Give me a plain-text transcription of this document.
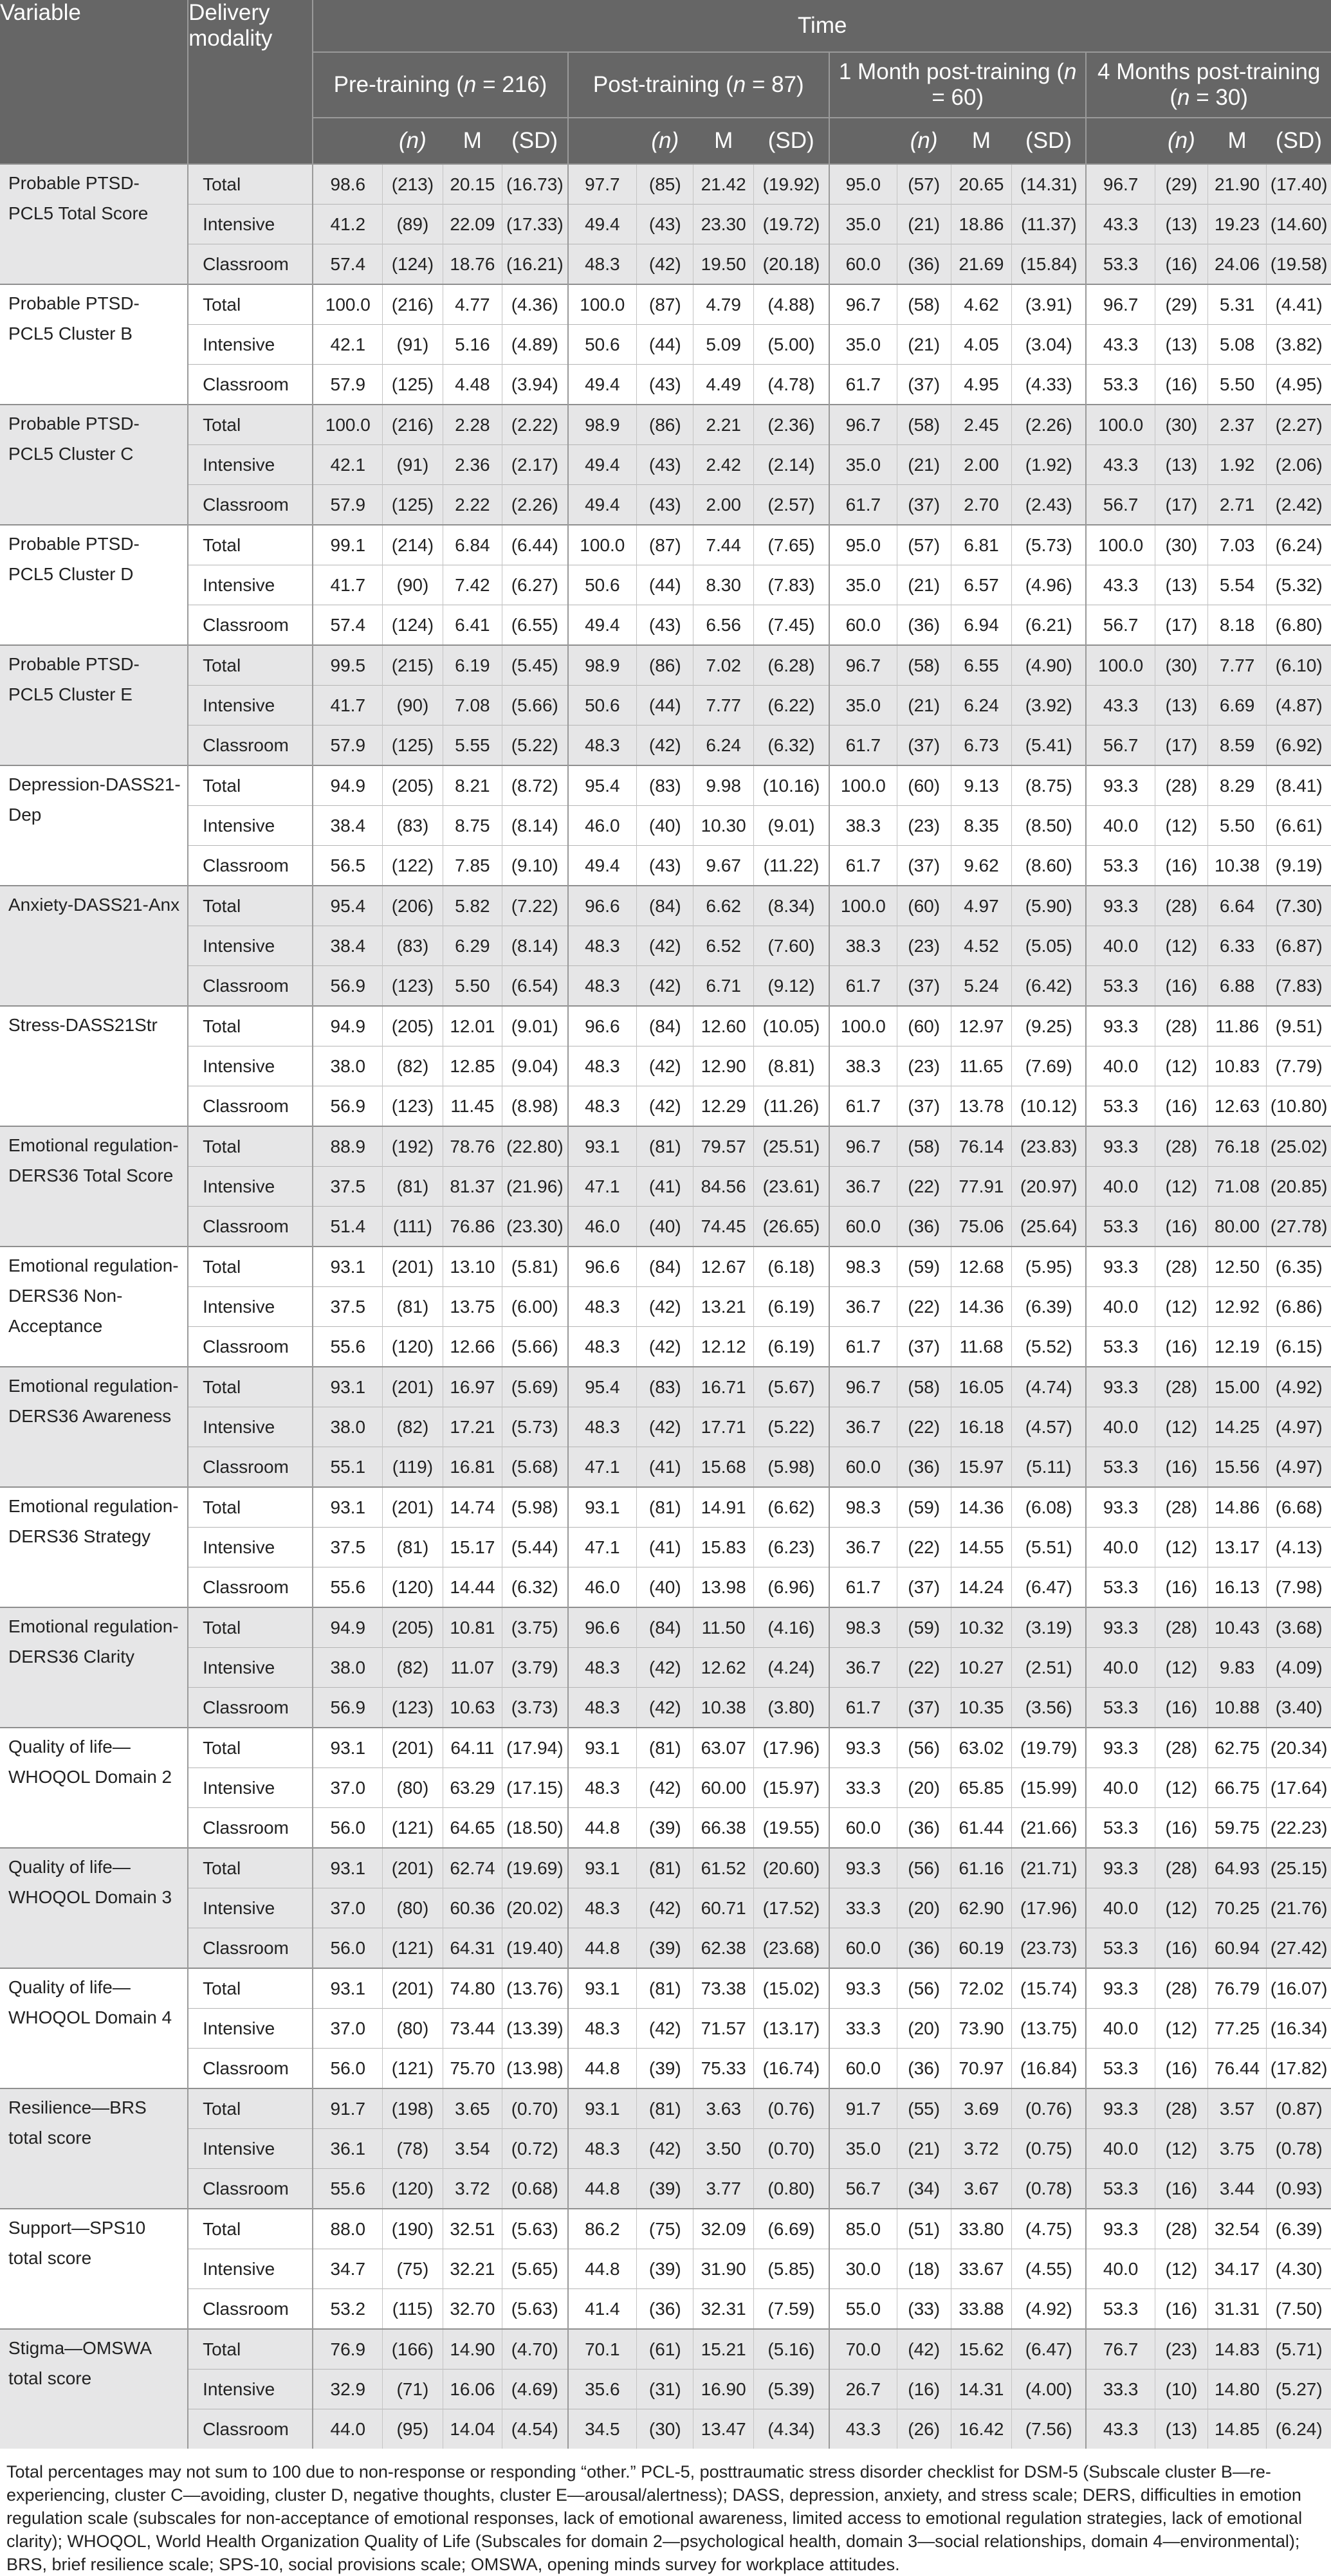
Variable	Delivery modality	Time															
		Pre-training (n = 216)				Post-training (n = 87)				1 Month post-training (n = 60)				4 Months post-training (n = 30)			
			(n)	M	(SD)		(n)	M	(SD)		(n)	M	(SD)		(n)	M	(SD)
Probable PTSD-PCL5 Total Score	Total	98.6	(213)	20.15	(16.73)	97.7	(85)	21.42	(19.92)	95.0	(57)	20.65	(14.31)	96.7	(29)	21.90	(17.40)
	Intensive	41.2	(89)	22.09	(17.33)	49.4	(43)	23.30	(19.72)	35.0	(21)	18.86	(11.37)	43.3	(13)	19.23	(14.60)
	Classroom	57.4	(124)	18.76	(16.21)	48.3	(42)	19.50	(20.18)	60.0	(36)	21.69	(15.84)	53.3	(16)	24.06	(19.58)
Probable PTSD-PCL5 Cluster B	Total	100.0	(216)	4.77	(4.36)	100.0	(87)	4.79	(4.88)	96.7	(58)	4.62	(3.91)	96.7	(29)	5.31	(4.41)
	Intensive	42.1	(91)	5.16	(4.89)	50.6	(44)	5.09	(5.00)	35.0	(21)	4.05	(3.04)	43.3	(13)	5.08	(3.82)
	Classroom	57.9	(125)	4.48	(3.94)	49.4	(43)	4.49	(4.78)	61.7	(37)	4.95	(4.33)	53.3	(16)	5.50	(4.95)
Probable PTSD-PCL5 Cluster C	Total	100.0	(216)	2.28	(2.22)	98.9	(86)	2.21	(2.36)	96.7	(58)	2.45	(2.26)	100.0	(30)	2.37	(2.27)
	Intensive	42.1	(91)	2.36	(2.17)	49.4	(43)	2.42	(2.14)	35.0	(21)	2.00	(1.92)	43.3	(13)	1.92	(2.06)
	Classroom	57.9	(125)	2.22	(2.26)	49.4	(43)	2.00	(2.57)	61.7	(37)	2.70	(2.43)	56.7	(17)	2.71	(2.42)
Probable PTSD-PCL5 Cluster D	Total	99.1	(214)	6.84	(6.44)	100.0	(87)	7.44	(7.65)	95.0	(57)	6.81	(5.73)	100.0	(30)	7.03	(6.24)
	Intensive	41.7	(90)	7.42	(6.27)	50.6	(44)	8.30	(7.83)	35.0	(21)	6.57	(4.96)	43.3	(13)	5.54	(5.32)
	Classroom	57.4	(124)	6.41	(6.55)	49.4	(43)	6.56	(7.45)	60.0	(36)	6.94	(6.21)	56.7	(17)	8.18	(6.80)
Probable PTSD-PCL5 Cluster E	Total	99.5	(215)	6.19	(5.45)	98.9	(86)	7.02	(6.28)	96.7	(58)	6.55	(4.90)	100.0	(30)	7.77	(6.10)
	Intensive	41.7	(90)	7.08	(5.66)	50.6	(44)	7.77	(6.22)	35.0	(21)	6.24	(3.92)	43.3	(13)	6.69	(4.87)
	Classroom	57.9	(125)	5.55	(5.22)	48.3	(42)	6.24	(6.32)	61.7	(37)	6.73	(5.41)	56.7	(17)	8.59	(6.92)
Depression-DASS21-Dep	Total	94.9	(205)	8.21	(8.72)	95.4	(83)	9.98	(10.16)	100.0	(60)	9.13	(8.75)	93.3	(28)	8.29	(8.41)
	Intensive	38.4	(83)	8.75	(8.14)	46.0	(40)	10.30	(9.01)	38.3	(23)	8.35	(8.50)	40.0	(12)	5.50	(6.61)
	Classroom	56.5	(122)	7.85	(9.10)	49.4	(43)	9.67	(11.22)	61.7	(37)	9.62	(8.60)	53.3	(16)	10.38	(9.19)
Anxiety-DASS21-Anx	Total	95.4	(206)	5.82	(7.22)	96.6	(84)	6.62	(8.34)	100.0	(60)	4.97	(5.90)	93.3	(28)	6.64	(7.30)
	Intensive	38.4	(83)	6.29	(8.14)	48.3	(42)	6.52	(7.60)	38.3	(23)	4.52	(5.05)	40.0	(12)	6.33	(6.87)
	Classroom	56.9	(123)	5.50	(6.54)	48.3	(42)	6.71	(9.12)	61.7	(37)	5.24	(6.42)	53.3	(16)	6.88	(7.83)
Stress-DASS21Str	Total	94.9	(205)	12.01	(9.01)	96.6	(84)	12.60	(10.05)	100.0	(60)	12.97	(9.25)	93.3	(28)	11.86	(9.51)
	Intensive	38.0	(82)	12.85	(9.04)	48.3	(42)	12.90	(8.81)	38.3	(23)	11.65	(7.69)	40.0	(12)	10.83	(7.79)
	Classroom	56.9	(123)	11.45	(8.98)	48.3	(42)	12.29	(11.26)	61.7	(37)	13.78	(10.12)	53.3	(16)	12.63	(10.80)
Emotional regulation-DERS36 Total Score	Total	88.9	(192)	78.76	(22.80)	93.1	(81)	79.57	(25.51)	96.7	(58)	76.14	(23.83)	93.3	(28)	76.18	(25.02)
	Intensive	37.5	(81)	81.37	(21.96)	47.1	(41)	84.56	(23.61)	36.7	(22)	77.91	(20.97)	40.0	(12)	71.08	(20.85)
	Classroom	51.4	(111)	76.86	(23.30)	46.0	(40)	74.45	(26.65)	60.0	(36)	75.06	(25.64)	53.3	(16)	80.00	(27.78)
Emotional regulation-DERS36 Non-Acceptance	Total	93.1	(201)	13.10	(5.81)	96.6	(84)	12.67	(6.18)	98.3	(59)	12.68	(5.95)	93.3	(28)	12.50	(6.35)
	Intensive	37.5	(81)	13.75	(6.00)	48.3	(42)	13.21	(6.19)	36.7	(22)	14.36	(6.39)	40.0	(12)	12.92	(6.86)
	Classroom	55.6	(120)	12.66	(5.66)	48.3	(42)	12.12	(6.19)	61.7	(37)	11.68	(5.52)	53.3	(16)	12.19	(6.15)
Emotional regulation-DERS36 Awareness	Total	93.1	(201)	16.97	(5.69)	95.4	(83)	16.71	(5.67)	96.7	(58)	16.05	(4.74)	93.3	(28)	15.00	(4.92)
	Intensive	38.0	(82)	17.21	(5.73)	48.3	(42)	17.71	(5.22)	36.7	(22)	16.18	(4.57)	40.0	(12)	14.25	(4.97)
	Classroom	55.1	(119)	16.81	(5.68)	47.1	(41)	15.68	(5.98)	60.0	(36)	15.97	(5.11)	53.3	(16)	15.56	(4.97)
Emotional regulation-DERS36 Strategy	Total	93.1	(201)	14.74	(5.98)	93.1	(81)	14.91	(6.62)	98.3	(59)	14.36	(6.08)	93.3	(28)	14.86	(6.68)
	Intensive	37.5	(81)	15.17	(5.44)	47.1	(41)	15.83	(6.23)	36.7	(22)	14.55	(5.51)	40.0	(12)	13.17	(4.13)
	Classroom	55.6	(120)	14.44	(6.32)	46.0	(40)	13.98	(6.96)	61.7	(37)	14.24	(6.47)	53.3	(16)	16.13	(7.98)
Emotional regulation-DERS36 Clarity	Total	94.9	(205)	10.81	(3.75)	96.6	(84)	11.50	(4.16)	98.3	(59)	10.32	(3.19)	93.3	(28)	10.43	(3.68)
	Intensive	38.0	(82)	11.07	(3.79)	48.3	(42)	12.62	(4.24)	36.7	(22)	10.27	(2.51)	40.0	(12)	9.83	(4.09)
	Classroom	56.9	(123)	10.63	(3.73)	48.3	(42)	10.38	(3.80)	61.7	(37)	10.35	(3.56)	53.3	(16)	10.88	(3.40)
Quality of life—WHOQOL Domain 2	Total	93.1	(201)	64.11	(17.94)	93.1	(81)	63.07	(17.96)	93.3	(56)	63.02	(19.79)	93.3	(28)	62.75	(20.34)
	Intensive	37.0	(80)	63.29	(17.15)	48.3	(42)	60.00	(15.97)	33.3	(20)	65.85	(15.99)	40.0	(12)	66.75	(17.64)
	Classroom	56.0	(121)	64.65	(18.50)	44.8	(39)	66.38	(19.55)	60.0	(36)	61.44	(21.66)	53.3	(16)	59.75	(22.23)
Quality of life—WHOQOL Domain 3	Total	93.1	(201)	62.74	(19.69)	93.1	(81)	61.52	(20.60)	93.3	(56)	61.16	(21.71)	93.3	(28)	64.93	(25.15)
	Intensive	37.0	(80)	60.36	(20.02)	48.3	(42)	60.71	(17.52)	33.3	(20)	62.90	(17.96)	40.0	(12)	70.25	(21.76)
	Classroom	56.0	(121)	64.31	(19.40)	44.8	(39)	62.38	(23.68)	60.0	(36)	60.19	(23.73)	53.3	(16)	60.94	(27.42)
Quality of life—WHOQOL Domain 4	Total	93.1	(201)	74.80	(13.76)	93.1	(81)	73.38	(15.02)	93.3	(56)	72.02	(15.74)	93.3	(28)	76.79	(16.07)
	Intensive	37.0	(80)	73.44	(13.39)	48.3	(42)	71.57	(13.17)	33.3	(20)	73.90	(13.75)	40.0	(12)	77.25	(16.34)
	Classroom	56.0	(121)	75.70	(13.98)	44.8	(39)	75.33	(16.74)	60.0	(36)	70.97	(16.84)	53.3	(16)	76.44	(17.82)
Resilience—BRS total score	Total	91.7	(198)	3.65	(0.70)	93.1	(81)	3.63	(0.76)	91.7	(55)	3.69	(0.76)	93.3	(28)	3.57	(0.87)
	Intensive	36.1	(78)	3.54	(0.72)	48.3	(42)	3.50	(0.70)	35.0	(21)	3.72	(0.75)	40.0	(12)	3.75	(0.78)
	Classroom	55.6	(120)	3.72	(0.68)	44.8	(39)	3.77	(0.80)	56.7	(34)	3.67	(0.78)	53.3	(16)	3.44	(0.93)
Support—SPS10 total score	Total	88.0	(190)	32.51	(5.63)	86.2	(75)	32.09	(6.69)	85.0	(51)	33.80	(4.75)	93.3	(28)	32.54	(6.39)
	Intensive	34.7	(75)	32.21	(5.65)	44.8	(39)	31.90	(5.85)	30.0	(18)	33.67	(4.55)	40.0	(12)	34.17	(4.30)
	Classroom	53.2	(115)	32.70	(5.63)	41.4	(36)	32.31	(7.59)	55.0	(33)	33.88	(4.92)	53.3	(16)	31.31	(7.50)
Stigma—OMSWA total score	Total	76.9	(166)	14.90	(4.70)	70.1	(61)	15.21	(5.16)	70.0	(42)	15.62	(6.47)	76.7	(23)	14.83	(5.71)
	Intensive	32.9	(71)	16.06	(4.69)	35.6	(31)	16.90	(5.39)	26.7	(16)	14.31	(4.00)	33.3	(10)	14.80	(5.27)
	Classroom	44.0	(95)	14.04	(4.54)	34.5	(30)	13.47	(4.34)	43.3	(26)	16.42	(7.56)	43.3	(13)	14.85	(6.24)
Total percentages may not sum to 100 due to non-response or responding “other.” PCL-5, posttraumatic stress disorder checklist for DSM-5 (Subscale cluster B—re-experiencing, cluster C—avoiding, cluster D, negative thoughts, cluster E—arousal/alertness); DASS, depression, anxiety, and stress scale; DERS, difficulties in emotion regulation scale (subscales for non-acceptance of emotional responses, lack of emotional awareness, limited access to emotional regulation strategies, lack of emotional clarity); WHOQOL, World Health Organization Quality of Life (Subscales for domain 2—psychological health, domain 3—social relationships, domain 4—environmental); BRS, brief resilience scale; SPS-10, social provisions scale; OMSWA, opening minds survey for workplace attitudes.
